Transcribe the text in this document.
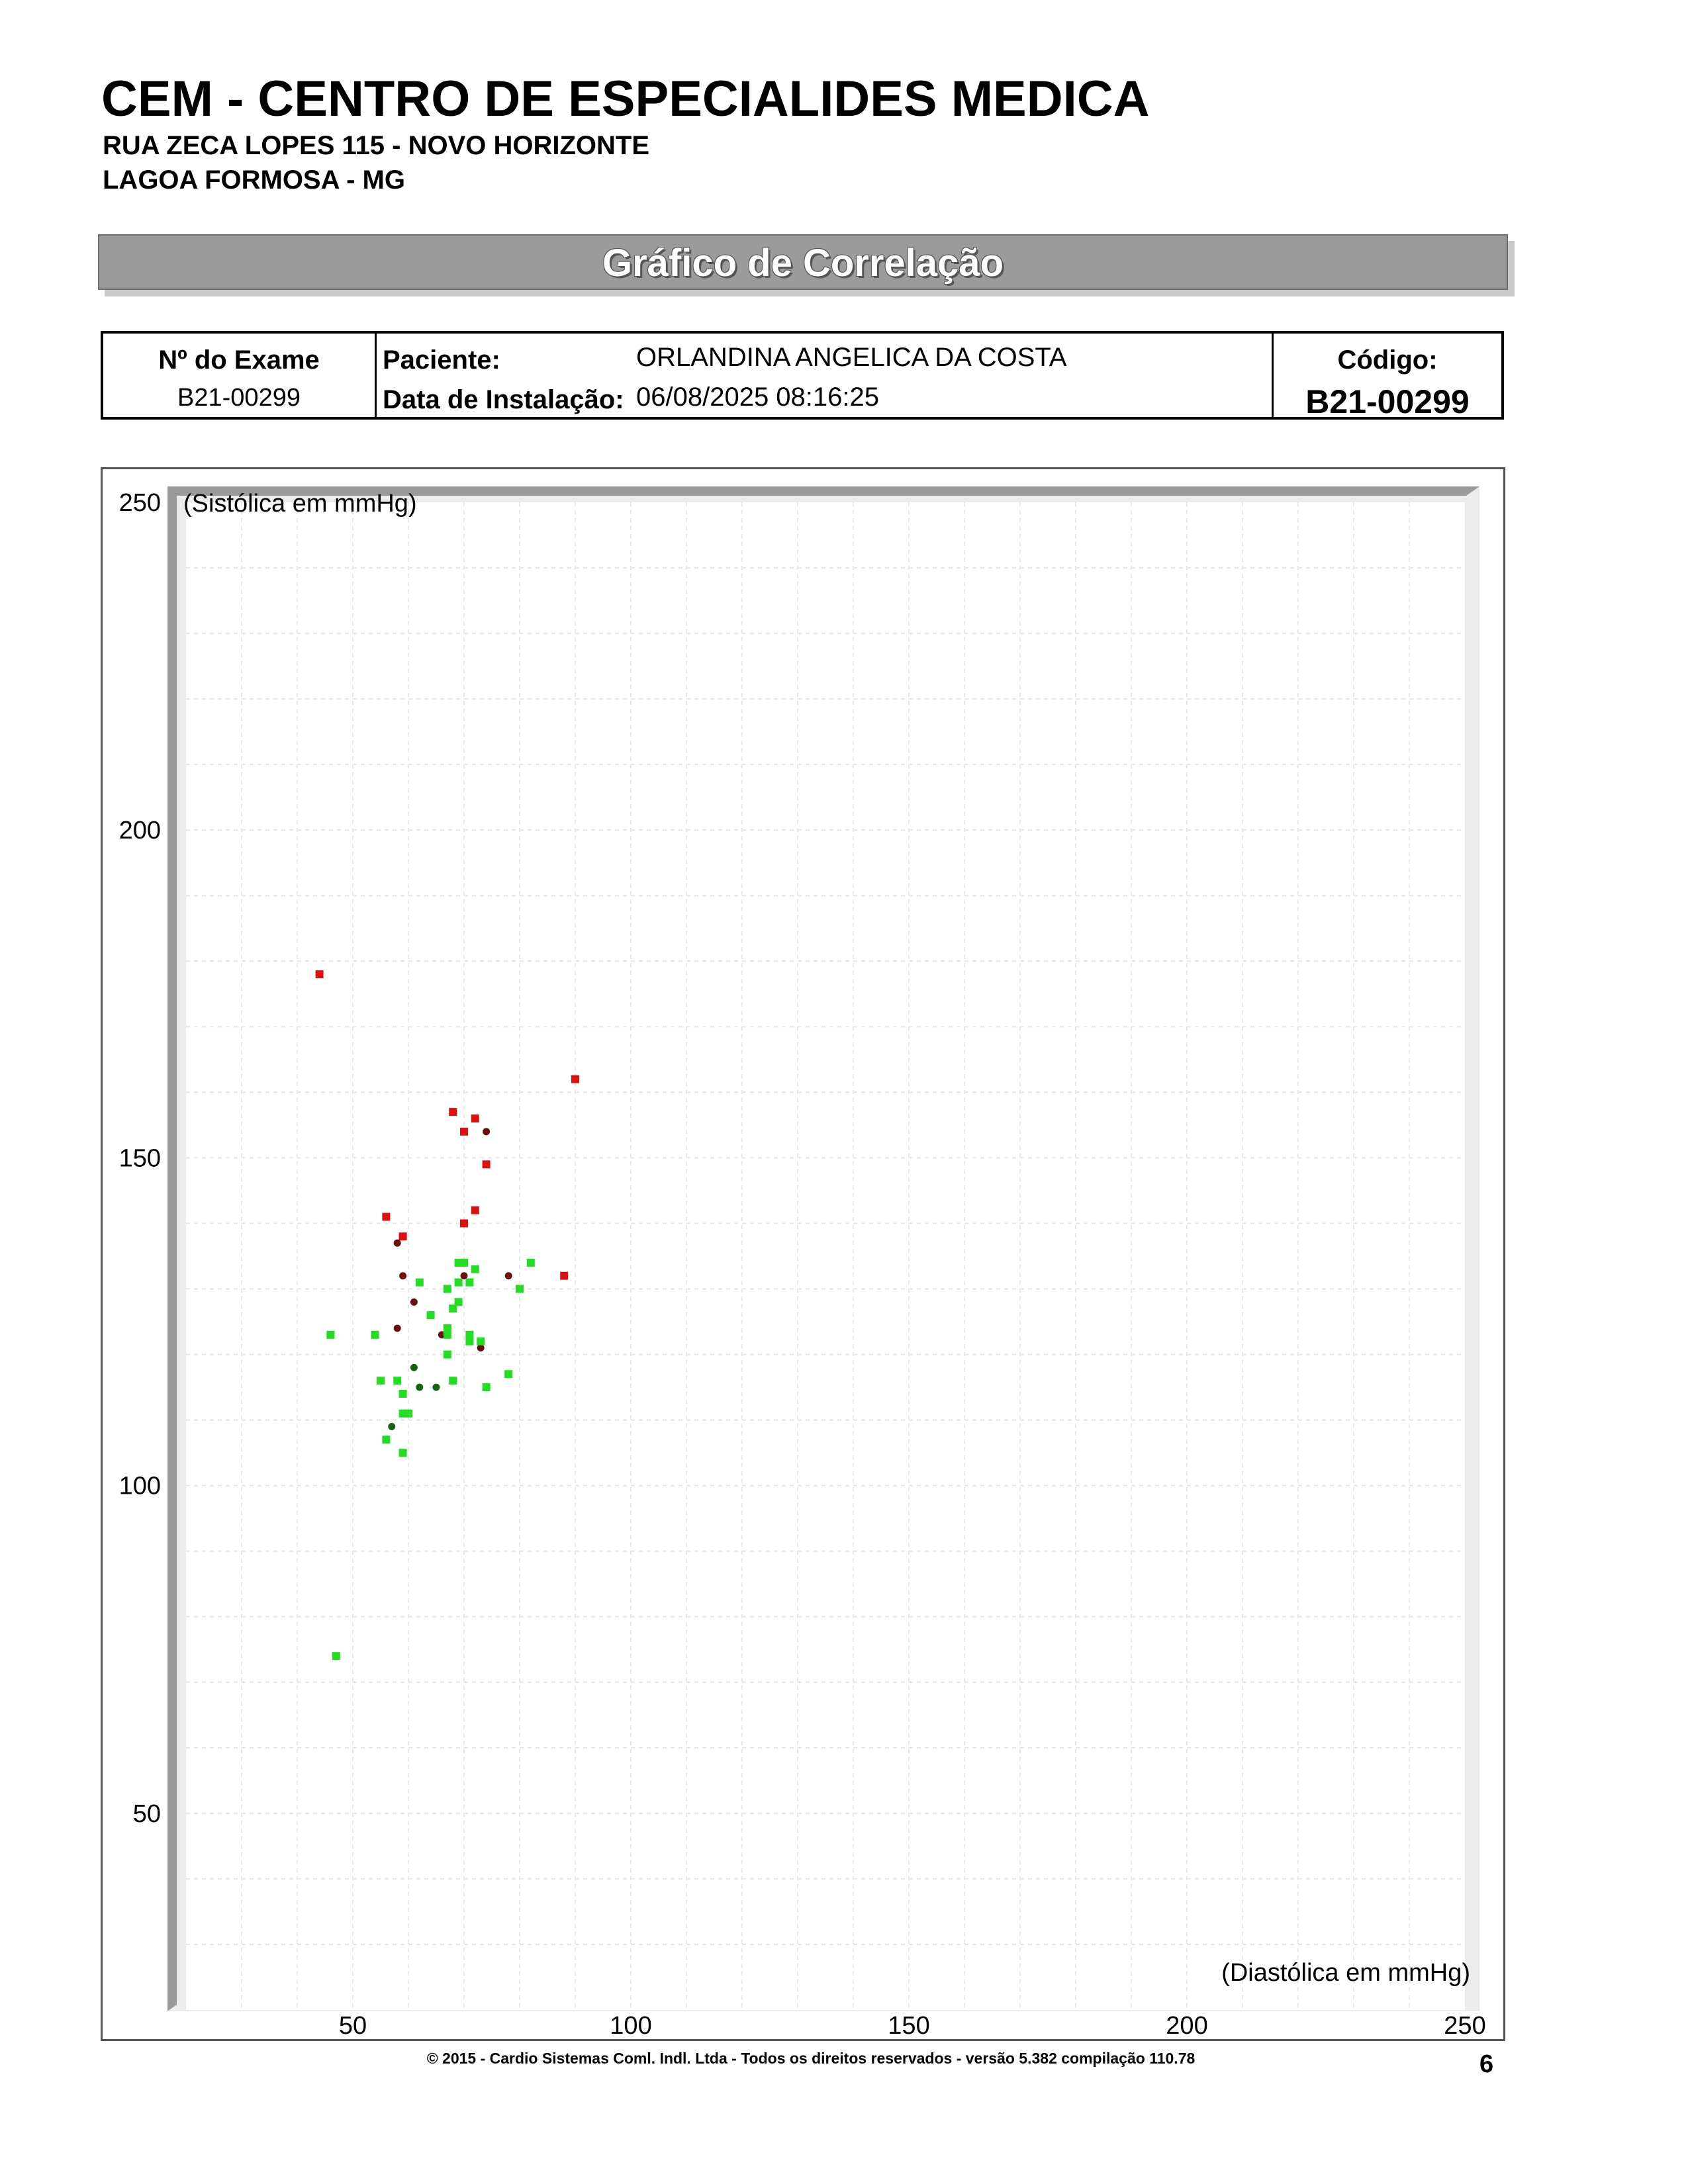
CEM - CENTRO DE ESPECIALIDES MEDICA
RUA ZECA LOPES 115 - NOVO HORIZONTE
LAGOA FORMOSA - MG
Gráfico de Correlação
Nº do Exame
B21-00299
Paciente:	ORLANDINA ANGELICA DA COSTA
Data de Instalação: 06/08/2025 08:16:25
Código:
B21-00299
50	100	150	200	250
50
100
150
200
250 (Sistólica em mmHg)
(Diastólica em mmHg)
© 2015 - Cardio Sistemas Coml. Indl. Ltda - Todos os direitos reservados - versão 5.382 compilação 110.78	6
